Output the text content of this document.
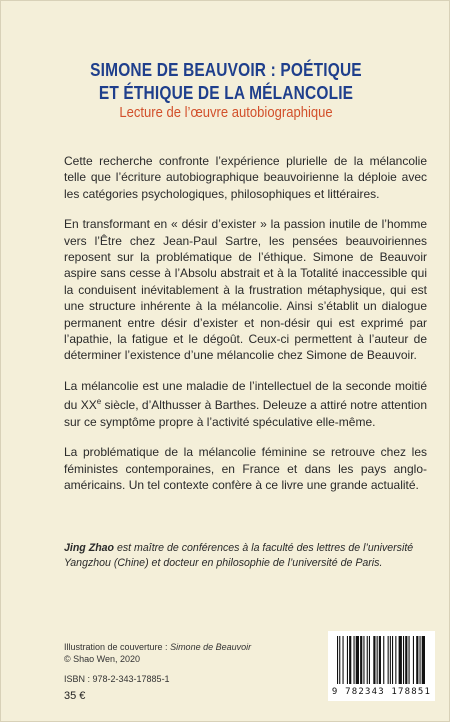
SIMONE DE BEAUVOIR : POÉTIQUE
ET ÉTHIQUE DE LA MÉLANCOLIE
Lecture de l’œuvre autobiographique

Cette recherche confronte l’expérience plurielle de la mélancolie telle que l’écriture autobiographique beauvoirienne la déploie avec les catégories psychologiques, philosophiques et littéraires.

En transformant en « désir d’exister » la passion inutile de l’homme vers l’Être chez Jean-Paul Sartre, les pensées beauvoiriennes reposent sur la problématique de l’éthique. Simone de Beauvoir aspire sans cesse à l’Absolu abstrait et à la Totalité inaccessible qui la conduisent inévitablement à la frustration métaphysique, qui est une structure inhérente à la mélancolie. Ainsi s’établit un dialogue permanent entre désir d’exister et non-désir qui est exprimé par l’apathie, la fatigue et le dégoût. Ceux-ci permettent à l’auteur de déterminer l’existence d’une mélancolie chez Simone de Beauvoir.

La mélancolie est une maladie de l’intellectuel de la seconde moitié du XXe siècle, d’Althusser à Barthes. Deleuze a attiré notre attention sur ce symptôme propre à l’activité spéculative elle-même.

La problématique de la mélancolie féminine se retrouve chez les féministes contemporaines, en France et dans les pays anglo-américains. Un tel contexte confère à ce livre une grande actualité.

Jing Zhao est maître de conférences à la faculté des lettres de l’université Yangzhou (Chine) et docteur en philosophie de l’université de Paris.
Illustration de couverture : Simone de Beauvoir
© Shao Wen, 2020
ISBN : 978-2-343-17885-1
35 €	9 782343 178851
